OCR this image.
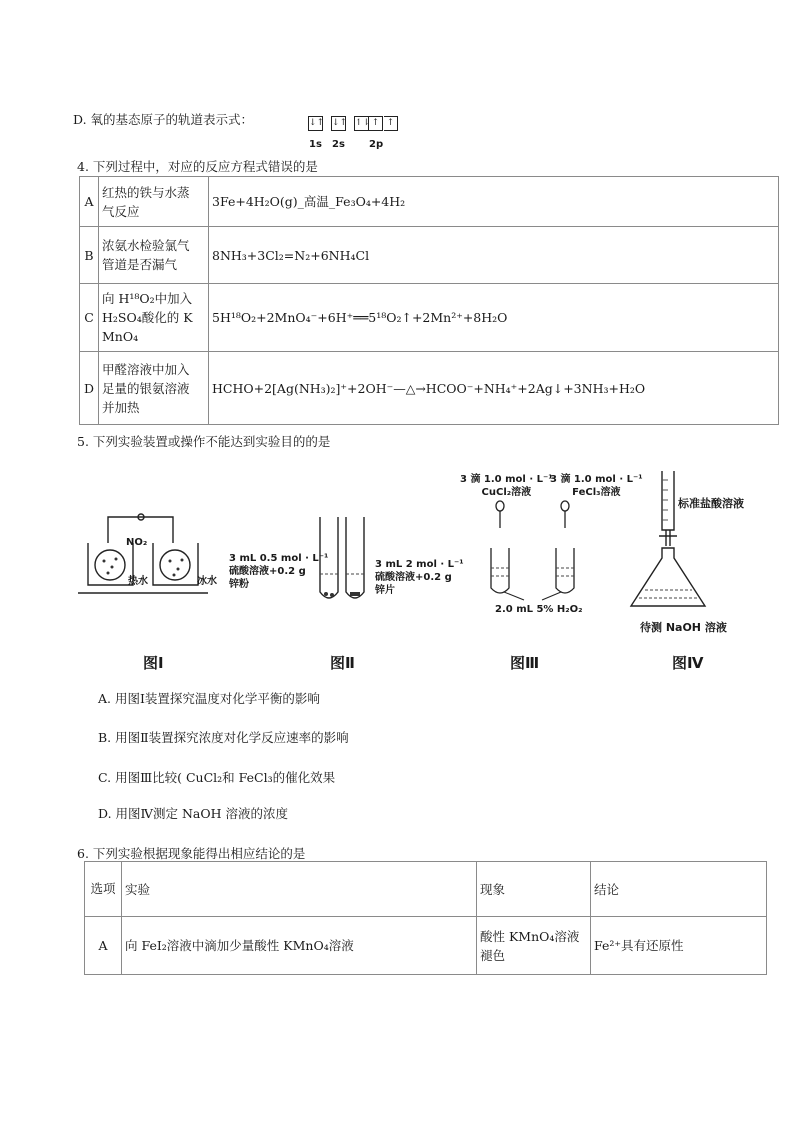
D. 氧的基态原子的轨道表示式：	↓↑ ↓↑ ↿⇂ ↑ ↑
1s 2s 2p
4. 下列过程中，对应的反应方程式错误的是
A	红热的铁与水蒸
气反应	3Fe+4H₂O(g)_高温_Fe₃O₄+4H₂
B	浓氨水检验氯气
管道是否漏气	8NH₃+3Cl₂=N₂+6NH₄Cl
C	向 H¹⁸O₂中加入
H₂SO₄酸化的 K
MnO₄	5H¹⁸O₂+2MnO₄⁻+6H⁺══5¹⁸O₂↑+2Mn²⁺+8H₂O
D	甲醛溶液中加入
足量的银氨溶液
并加热	HCHO+2[Ag(NH₃)₂]⁺+2OH⁻—△→HCOO⁻+NH₄⁺+2Ag↓+3NH₃+H₂O
5. 下列实验装置或操作不能达到实验目的的是
NO₂
热水	冰水
图Ⅰ
3 mL 0.5 mol · L⁻¹
硫酸溶液+0.2 g
锌粉
3 mL 2 mol · L⁻¹
硫酸溶液+0.2 g
锌片
图Ⅱ
3 滴 1.0 mol · L⁻¹
CuCl₂溶液
3 滴 1.0 mol · L⁻¹
FeCl₃溶液
2.0 mL 5% H₂O₂
图Ⅲ
标准盐酸溶液
待测 NaOH 溶液
图Ⅳ
A. 用图Ⅰ装置探究温度对化学平衡的影响
B. 用图Ⅱ装置探究浓度对化学反应速率的影响
C. 用图Ⅲ比较( CuCl₂和 FeCl₃的催化效果
D. 用图Ⅳ测定 NaOH 溶液的浓度
6. 下列实验根据现象能得出相应结论的是
选项	实验	现象	结论
A	向 FeI₂溶液中滴加少量酸性 KMnO₄溶液	酸性 KMnO₄溶液
褪色	Fe²⁺具有还原性
